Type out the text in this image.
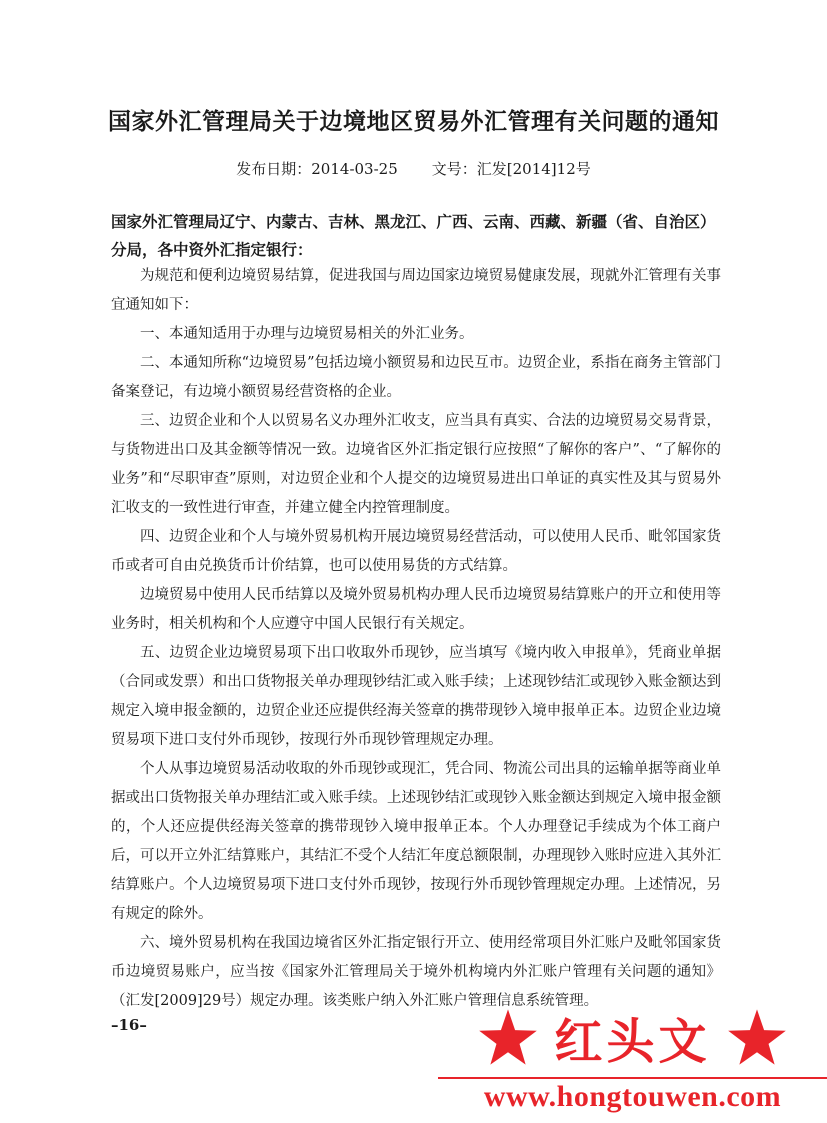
国家外汇管理局关于边境地区贸易外汇管理有关问题的通知
发布日期：2014-03-25 文号：汇发[2014]12号
国家外汇管理局辽宁、内蒙古、吉林、黑龙江、广西、云南、西藏、新疆（省、自治区）分局，各中资外汇指定银行：

为规范和便利边境贸易结算，促进我国与周边国家边境贸易健康发展，现就外汇管理有关事宜通知如下：

一、本通知适用于办理与边境贸易相关的外汇业务。

二、本通知所称“边境贸易”包括边境小额贸易和边民互市。边贸企业，系指在商务主管部门备案登记，有边境小额贸易经营资格的企业。

三、边贸企业和个人以贸易名义办理外汇收支，应当具有真实、合法的边境贸易交易背景，与货物进出口及其金额等情况一致。边境省区外汇指定银行应按照“了解你的客户”、“了解你的业务”和“尽职审查”原则，对边贸企业和个人提交的边境贸易进出口单证的真实性及其与贸易外汇收支的一致性进行审查，并建立健全内控管理制度。

四、边贸企业和个人与境外贸易机构开展边境贸易经营活动，可以使用人民币、毗邻国家货币或者可自由兑换货币计价结算，也可以使用易货的方式结算。

边境贸易中使用人民币结算以及境外贸易机构办理人民币边境贸易结算账户的开立和使用等业务时，相关机构和个人应遵守中国人民银行有关规定。

五、边贸企业边境贸易项下出口收取外币现钞，应当填写《境内收入申报单》，凭商业单据（合同或发票）和出口货物报关单办理现钞结汇或入账手续；上述现钞结汇或现钞入账金额达到规定入境申报金额的，边贸企业还应提供经海关签章的携带现钞入境申报单正本。边贸企业边境贸易项下进口支付外币现钞，按现行外币现钞管理规定办理。

个人从事边境贸易活动收取的外币现钞或现汇，凭合同、物流公司出具的运输单据等商业单据或出口货物报关单办理结汇或入账手续。上述现钞结汇或现钞入账金额达到规定入境申报金额的，个人还应提供经海关签章的携带现钞入境申报单正本。个人办理登记手续成为个体工商户后，可以开立外汇结算账户，其结汇不受个人结汇年度总额限制，办理现钞入账时应进入其外汇结算账户。个人边境贸易项下进口支付外币现钞，按现行外币现钞管理规定办理。上述情况，另有规定的除外。

六、境外贸易机构在我国边境省区外汇指定银行开立、使用经常项目外汇账户及毗邻国家货币边境贸易账户，应当按《国家外汇管理局关于境外机构境内外汇账户管理有关问题的通知》（汇发[2009]29号）规定办理。该类账户纳入外汇账户管理信息系统管理。

–16–	红头文
www.hongtouwen.com
